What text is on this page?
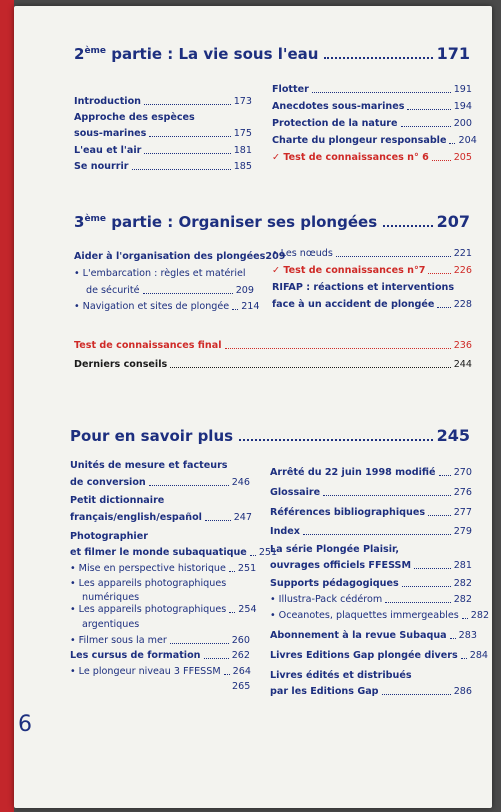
2ème
partie : La vie sous l'eau	171
Introduction	173
Approche des espèces
sous-marines	175
L'eau et l'air	181
Se nourrir	185
Flotter	191
Anecdotes sous-marines	194
Protection de la nature	200
Charte du plongeur responsable 204
✓ Test de connaissances n° 6	205
3ème
partie : Organiser ses plongées	207
Aider à l'organisation des plongées 209
• L'embarcation : règles et matériel
de sécurité	209
• Navigation et sites de plongée 214
• Les nœuds	221
✓ Test de connaissances n°7	226
RIFAP : réactions et interventions
face à un accident de plongée 228
Test de connaissances final	236
Derniers conseils	244
Pour en savoir plus	245
Unités de mesure et facteurs
de conversion	246
Petit dictionnaire
français/english/español	247
Photographier
et filmer le monde subaquatique 251
• Mise en perspective historique 251
• Les appareils photographiques
numériques
• Les appareils photographiques 254
argentiques
• Filmer sous la mer	260
Les cursus de formation	262
• Le plongeur niveau 3 FFESSM 264
265
Arrêté du 22 juin 1998 modifié 270
Glossaire	276
Références bibliographiques	277
Index	279
La série Plongée Plaisir,
ouvrages officiels FFESSM	281
Supports pédagogiques	282
• Illustra-Pack cédérom	282
• Oceanotes, plaquettes immergeables 282
Abonnement à la revue Subaqua 283
Livres Editions Gap plongée divers 284
Livres édités et distribués
par les Editions Gap	286
6
